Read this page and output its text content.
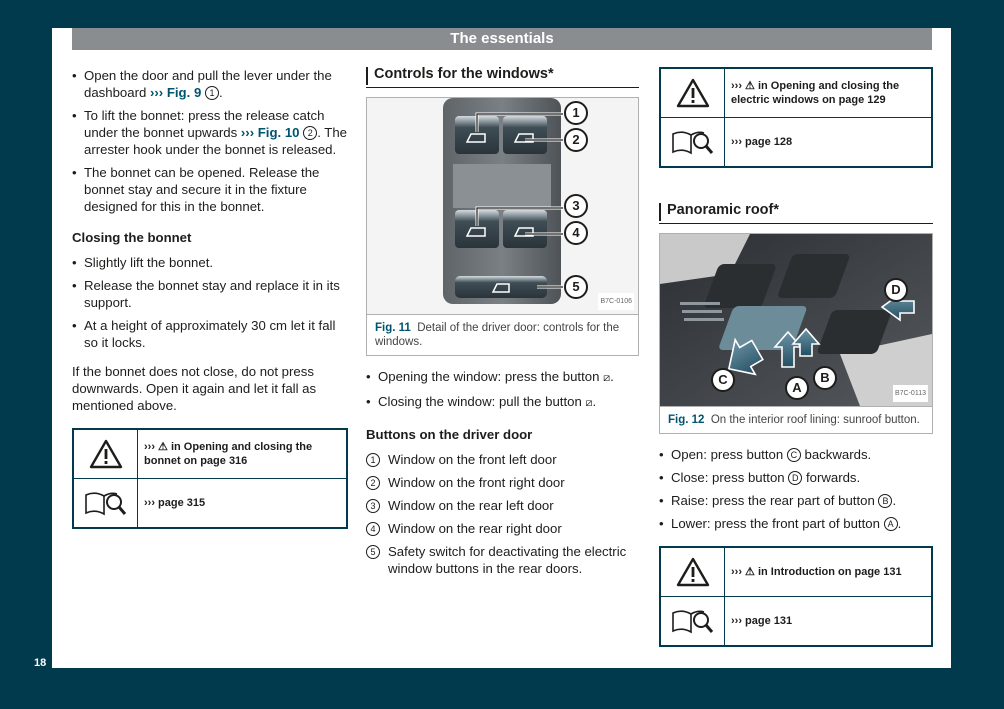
The essentials
18
• Open the door and pull the lever under the dashboard ››› Fig. 9 1 .
• To lift the bonnet: press the release catch under the bonnet upwards ››› Fig. 10 2 . The arrester hook under the bonnet is released.
• The bonnet can be opened. Release the bonnet stay and secure it in the fixture designed for this in the bonnet.
Closing the bonnet
• Slightly lift the bonnet.
• Release the bonnet stay and replace it in its support.
• At a height of approximately 30 cm let it fall so it locks.

If the bonnet does not close, do not press downwards. Open it again and let it fall as mentioned above.

››› ⚠ in Opening and closing the bonnet on page 316
››› page 315
Controls for the windows*
1
2
3
4
5
B7C-0106
Fig. 11 Detail of the driver door: controls for the windows.
• Opening the window: press the button ⧄.
• Closing the window: pull the button ⧄.
Buttons on the driver door
1 Window on the front left door
2 Window on the front right door
3 Window on the rear left door
4 Window on the rear right door
5 Safety switch for deactivating the electric window buttons in the rear doors.
››› ⚠ in Opening and closing the electric windows on page 129
››› page 128
Panoramic roof*
D
C
A
B
B7C-0113
Fig. 12 On the interior roof lining: sunroof button.
• Open: press button C backwards.
• Close: press button D forwards.
• Raise: press the rear part of button B .
• Lower: press the front part of button A .
››› ⚠ in Introduction on page 131
››› page 131
